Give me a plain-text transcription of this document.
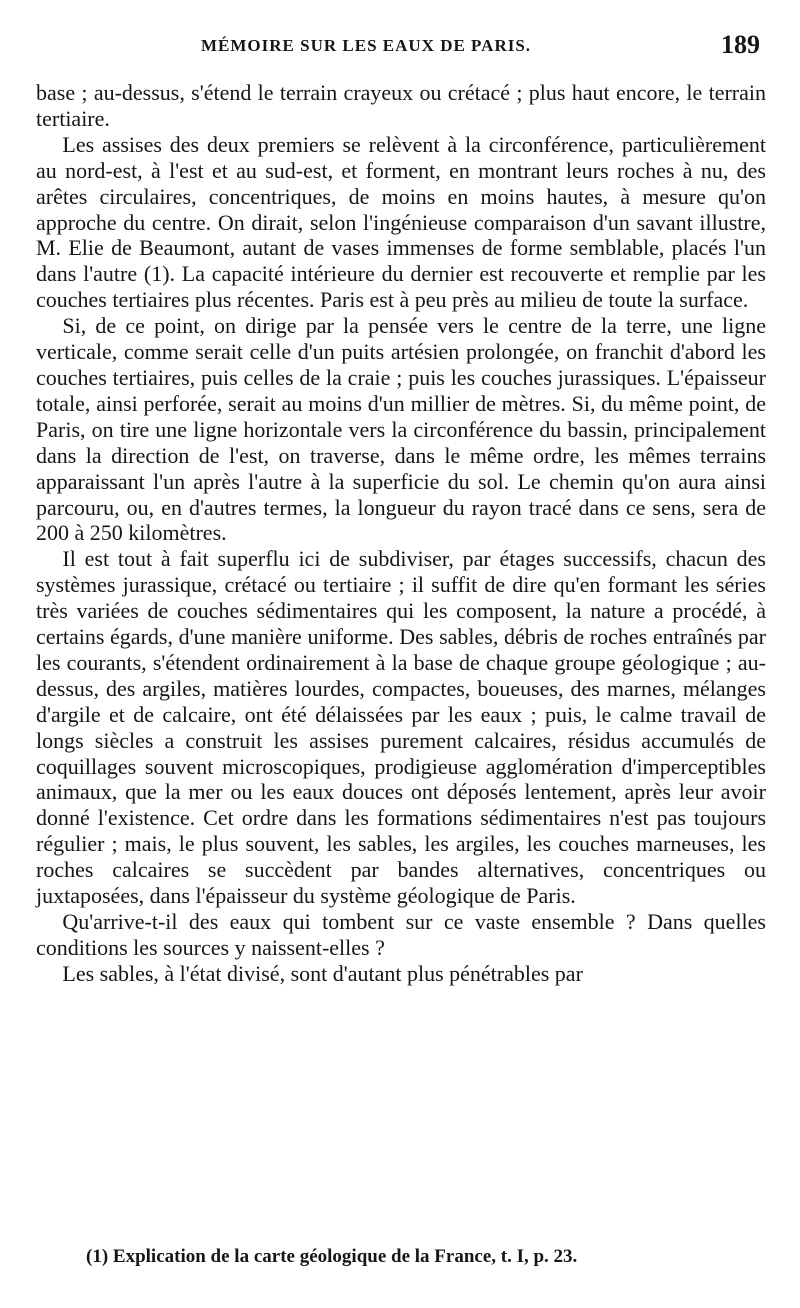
MÉMOIRE SUR LES EAUX DE PARIS.	189

base ; au-dessus, s'étend le terrain crayeux ou crétacé ; plus haut encore, le terrain tertiaire.

Les assises des deux premiers se relèvent à la circonférence, particulièrement au nord-est, à l'est et au sud-est, et forment, en montrant leurs roches à nu, des arêtes circulaires, concentriques, de moins en moins hautes, à mesure qu'on approche du centre. On dirait, selon l'ingénieuse comparaison d'un savant illustre, M. Elie de Beaumont, autant de vases immenses de forme semblable, placés l'un dans l'autre (1). La capacité intérieure du dernier est recouverte et remplie par les couches tertiaires plus récentes. Paris est à peu près au milieu de toute la surface.

Si, de ce point, on dirige par la pensée vers le centre de la terre, une ligne verticale, comme serait celle d'un puits artésien prolongée, on franchit d'abord les couches tertiaires, puis celles de la craie ; puis les couches jurassiques. L'épaisseur totale, ainsi perforée, serait au moins d'un millier de mètres. Si, du même point, de Paris, on tire une ligne horizontale vers la circonférence du bassin, principalement dans la direction de l'est, on traverse, dans le même ordre, les mêmes terrains apparaissant l'un après l'autre à la superficie du sol. Le chemin qu'on aura ainsi parcouru, ou, en d'autres termes, la longueur du rayon tracé dans ce sens, sera de 200 à 250 kilomètres.

Il est tout à fait superflu ici de subdiviser, par étages successifs, chacun des systèmes jurassique, crétacé ou tertiaire ; il suffit de dire qu'en formant les séries très variées de couches sédimentaires qui les composent, la nature a procédé, à certains égards, d'une manière uniforme. Des sables, débris de roches entraînés par les courants, s'étendent ordinairement à la base de chaque groupe géologique ; au-dessus, des argiles, matières lourdes, compactes, boueuses, des marnes, mélanges d'argile et de calcaire, ont été délaissées par les eaux ; puis, le calme travail de longs siècles a construit les assises purement calcaires, résidus accumulés de coquillages souvent microscopiques, prodigieuse agglomération d'imperceptibles animaux, que la mer ou les eaux douces ont déposés lentement, après leur avoir donné l'existence. Cet ordre dans les formations sédimentaires n'est pas toujours régulier ; mais, le plus souvent, les sables, les argiles, les couches marneuses, les roches calcaires se succèdent par bandes alternatives, concentriques ou juxtaposées, dans l'épaisseur du système géologique de Paris.

Qu'arrive-t-il des eaux qui tombent sur ce vaste ensemble ? Dans quelles conditions les sources y naissent-elles ?

Les sables, à l'état divisé, sont d'autant plus pénétrables par

(1) Explication de la carte géologique de la France, t. I, p. 23.
